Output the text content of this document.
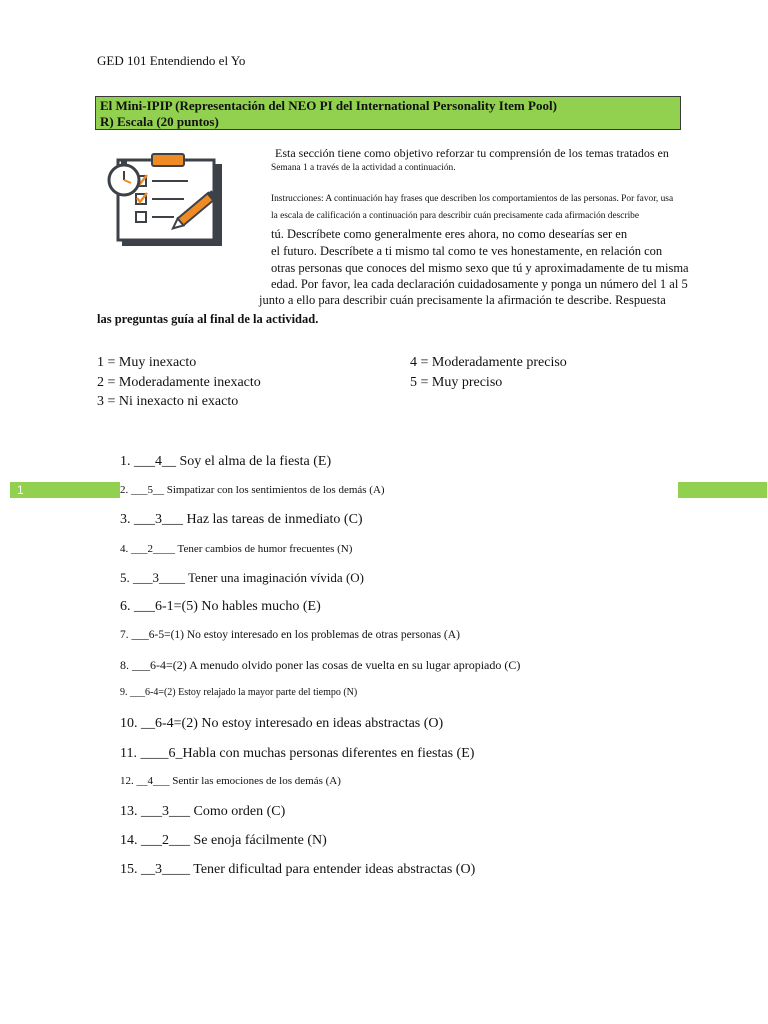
GED 101 Entendiendo el Yo
El Mini-IPIP (Representación del NEO PI del International Personality Item Pool)
R) Escala (20 puntos)
Esta sección tiene como objetivo reforzar tu comprensión de los temas tratados en
Semana 1 a través de la actividad a continuación.
Instrucciones: A continuación hay frases que describen los comportamientos de las personas. Por favor, usa
la escala de calificación a continuación para describir cuán precisamente cada afirmación describe
tú. Descríbete como generalmente eres ahora, no como desearías ser en
el futuro. Descríbete a ti mismo tal como te ves honestamente, en relación con
otras personas que conoces del mismo sexo que tú y aproximadamente de tu misma
edad. Por favor, lea cada declaración cuidadosamente y ponga un número del 1 al 5
junto a ello para describir cuán precisamente la afirmación te describe. Respuesta
las preguntas guía al final de la actividad.
1 = Muy inexacto
2 = Moderadamente inexacto
3 = Ni inexacto ni exacto
4 = Moderadamente preciso
5 = Muy preciso
1
1. ___4__ Soy el alma de la fiesta (E)
2. ___5__ Simpatizar con los sentimientos de los demás (A)
3. ___3___ Haz las tareas de inmediato (C)
4. ___2____ Tener cambios de humor frecuentes (N)
5. ___3____ Tener una imaginación vívida (O)
6. ___6-1=(5) No hables mucho (E)
7. ___6-5=(1) No estoy interesado en los problemas de otras personas (A)
8. ___6-4=(2) A menudo olvido poner las cosas de vuelta en su lugar apropiado (C)
9. ___6-4=(2) Estoy relajado la mayor parte del tiempo (N)
10. __6-4=(2) No estoy interesado en ideas abstractas (O)
11. ____6_Habla con muchas personas diferentes en fiestas (E)
12. __4___ Sentir las emociones de los demás (A)
13. ___3___ Como orden (C)
14. ___2___ Se enoja fácilmente (N)
15. __3____ Tener dificultad para entender ideas abstractas (O)
